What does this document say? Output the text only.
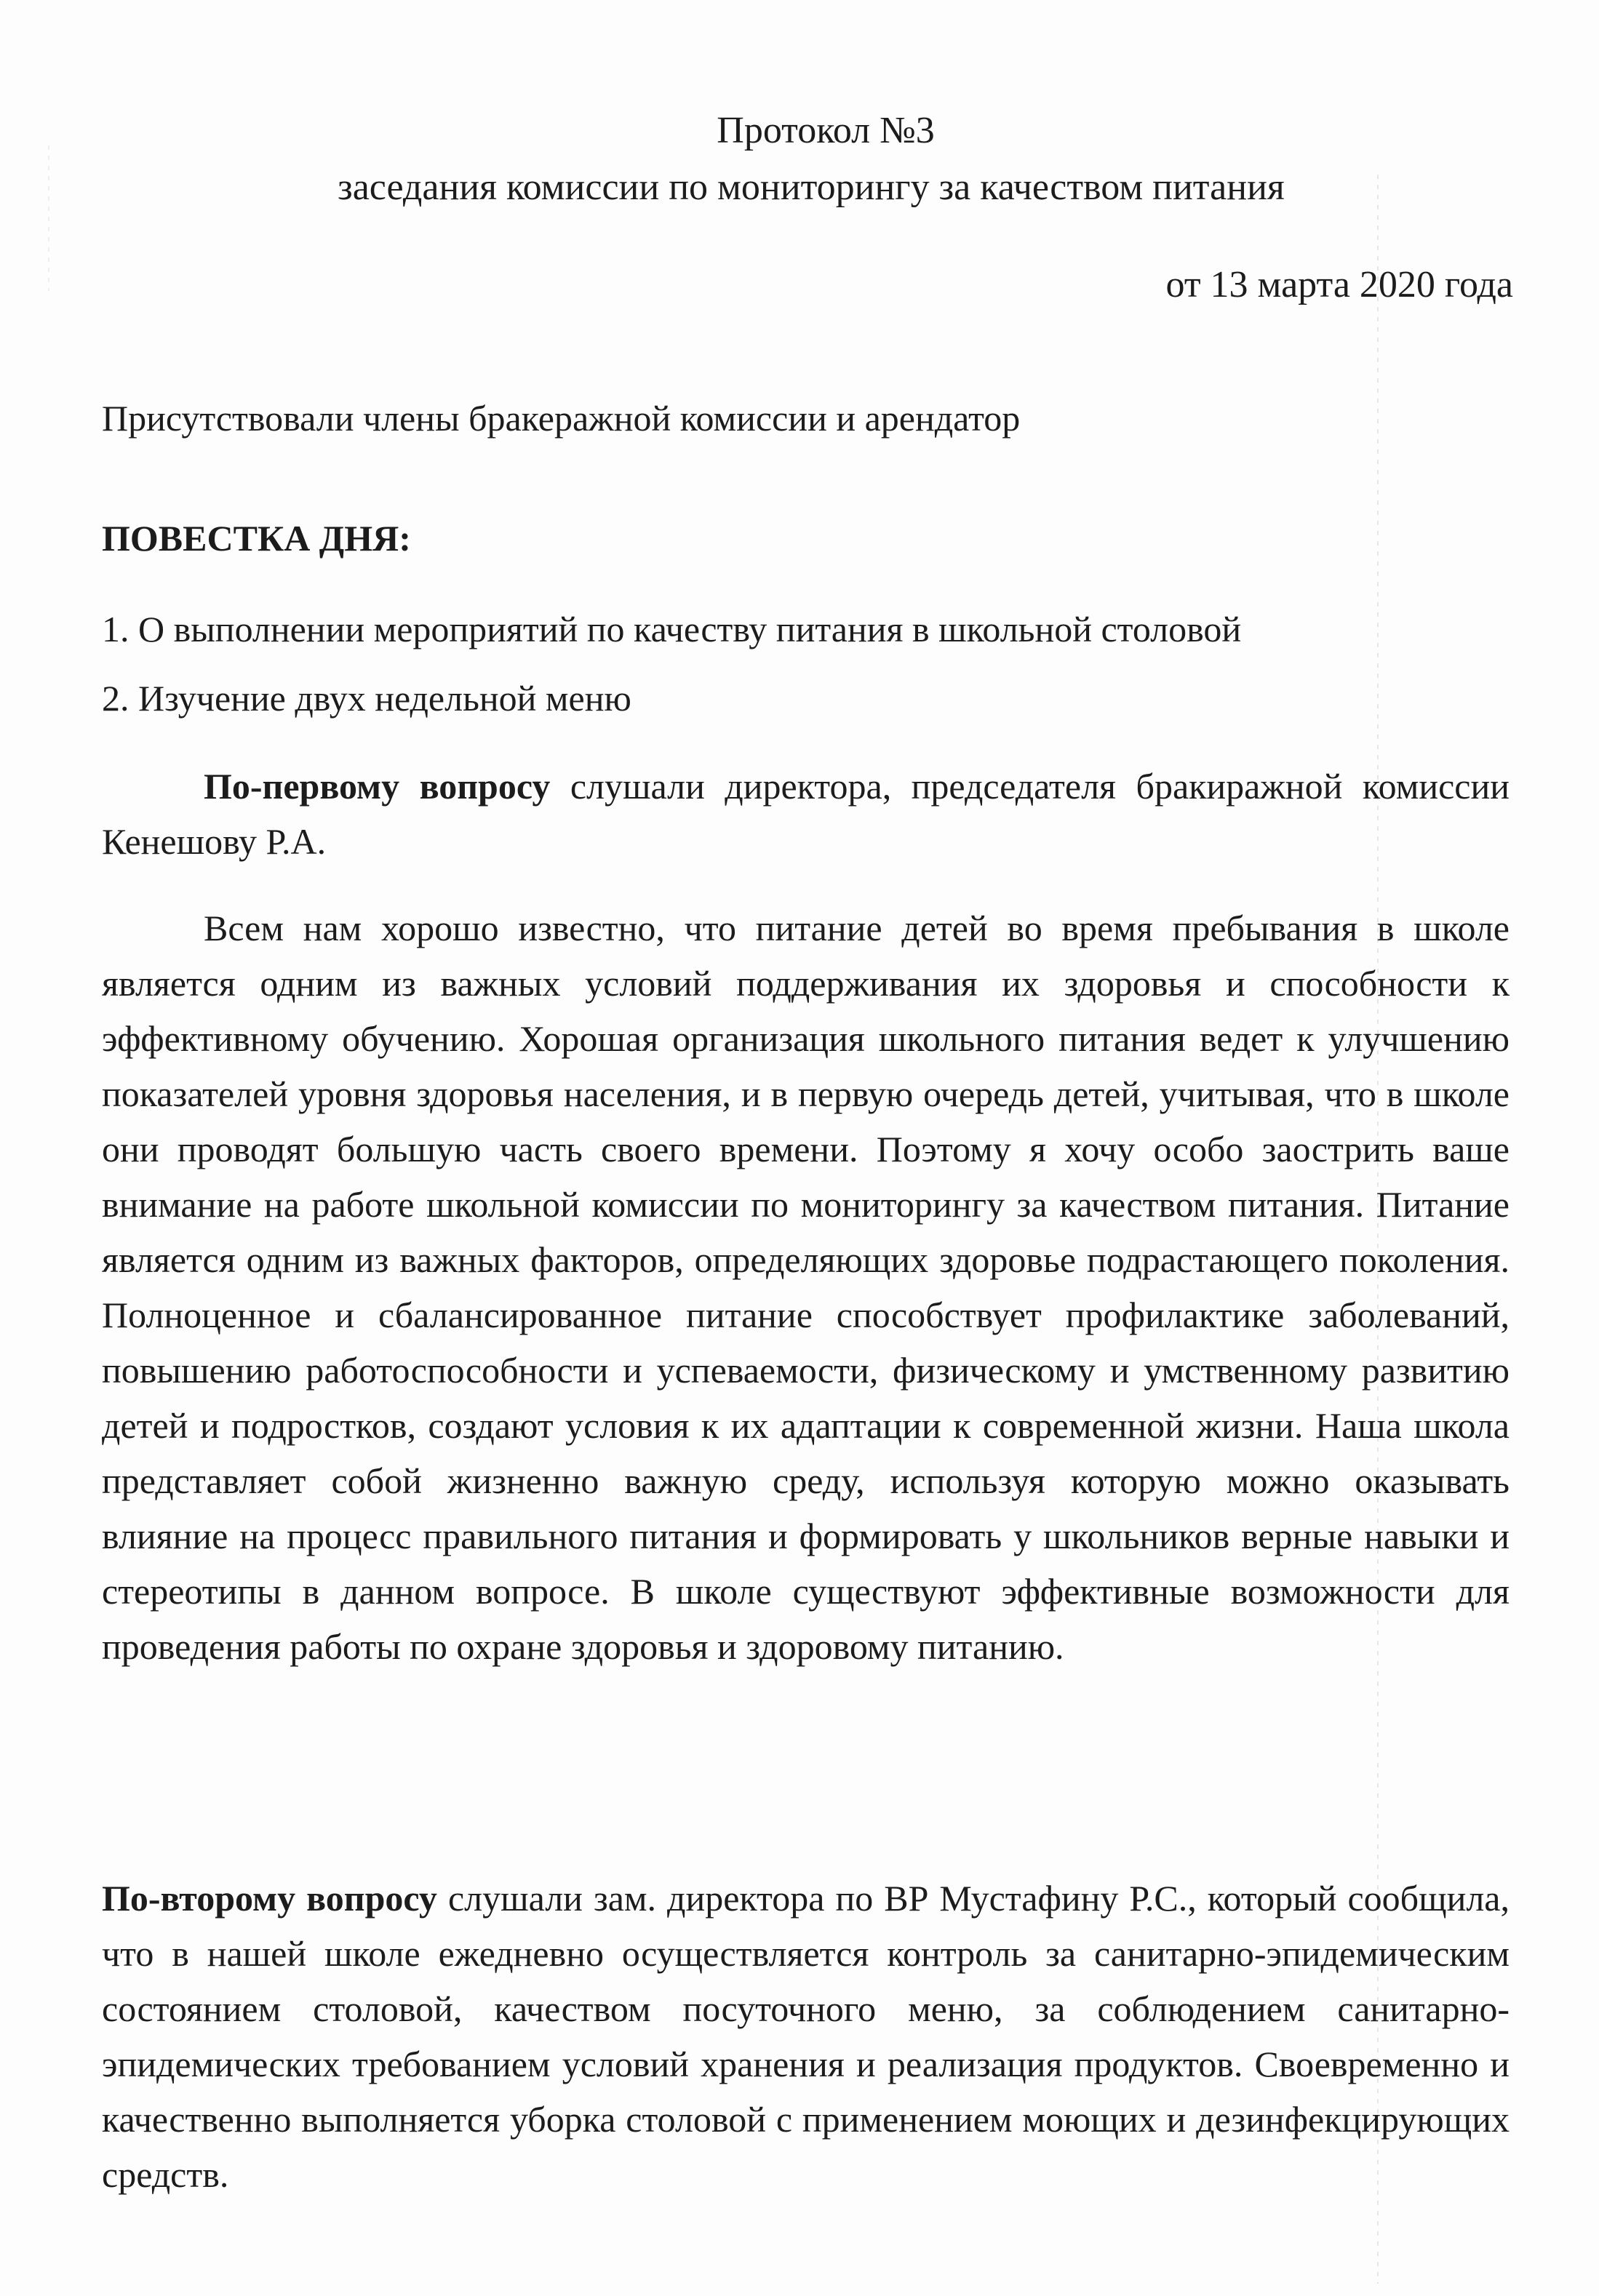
Протокол №3
заседания комиссии по мониторингу за качеством питания
от 13 марта 2020 года
Присутствовали члены бракеражной комиссии и арендатор
ПОВЕСТКА ДНЯ:
1. О выполнении мероприятий по качеству питания в школьной столовой
2. Изучение двух недельной меню

По-первому вопросу слушали директора, председателя бракиражной комиссии Кенешову Р.А.

Всем нам хорошо известно, что питание детей во время пребывания в школе является одним из важных условий поддерживания их здоровья и способности к эффективному обучению. Хорошая организация школьного питания ведет к улучшению показателей уровня здоровья населения, и в первую очередь детей, учитывая, что в школе они проводят большую часть своего времени. Поэтому я хочу особо заострить ваше внимание на работе школьной комиссии по мониторингу за качеством питания. Питание является одним из важных факторов, определяющих здоровье подрастающего поколения. Полноценное и сбалансированное питание способствует профилактике заболеваний, повышению работоспособности и успеваемости, физическому и умственному развитию детей и подростков, создают условия к их адаптации к современной жизни. Наша школа представляет собой жизненно важную среду, используя которую можно оказывать влияние на процесс правильного питания и формировать у школьников верные навыки и стереотипы в данном вопросе. В школе существуют эффективные возможности для проведения работы по охране здоровья и здоровому питанию.

По-второму вопросу слушали зам. директора по ВР Мустафину Р.С., который сообщила, что в нашей школе ежедневно осуществляется контроль за санитарно-эпидемическим состоянием столовой, качеством посуточного меню, за соблюдением санитарно-эпидемических требованием условий хранения и реализация продуктов. Своевременно и качественно выполняется уборка столовой с применением моющих и дезинфекцирующих средств.
